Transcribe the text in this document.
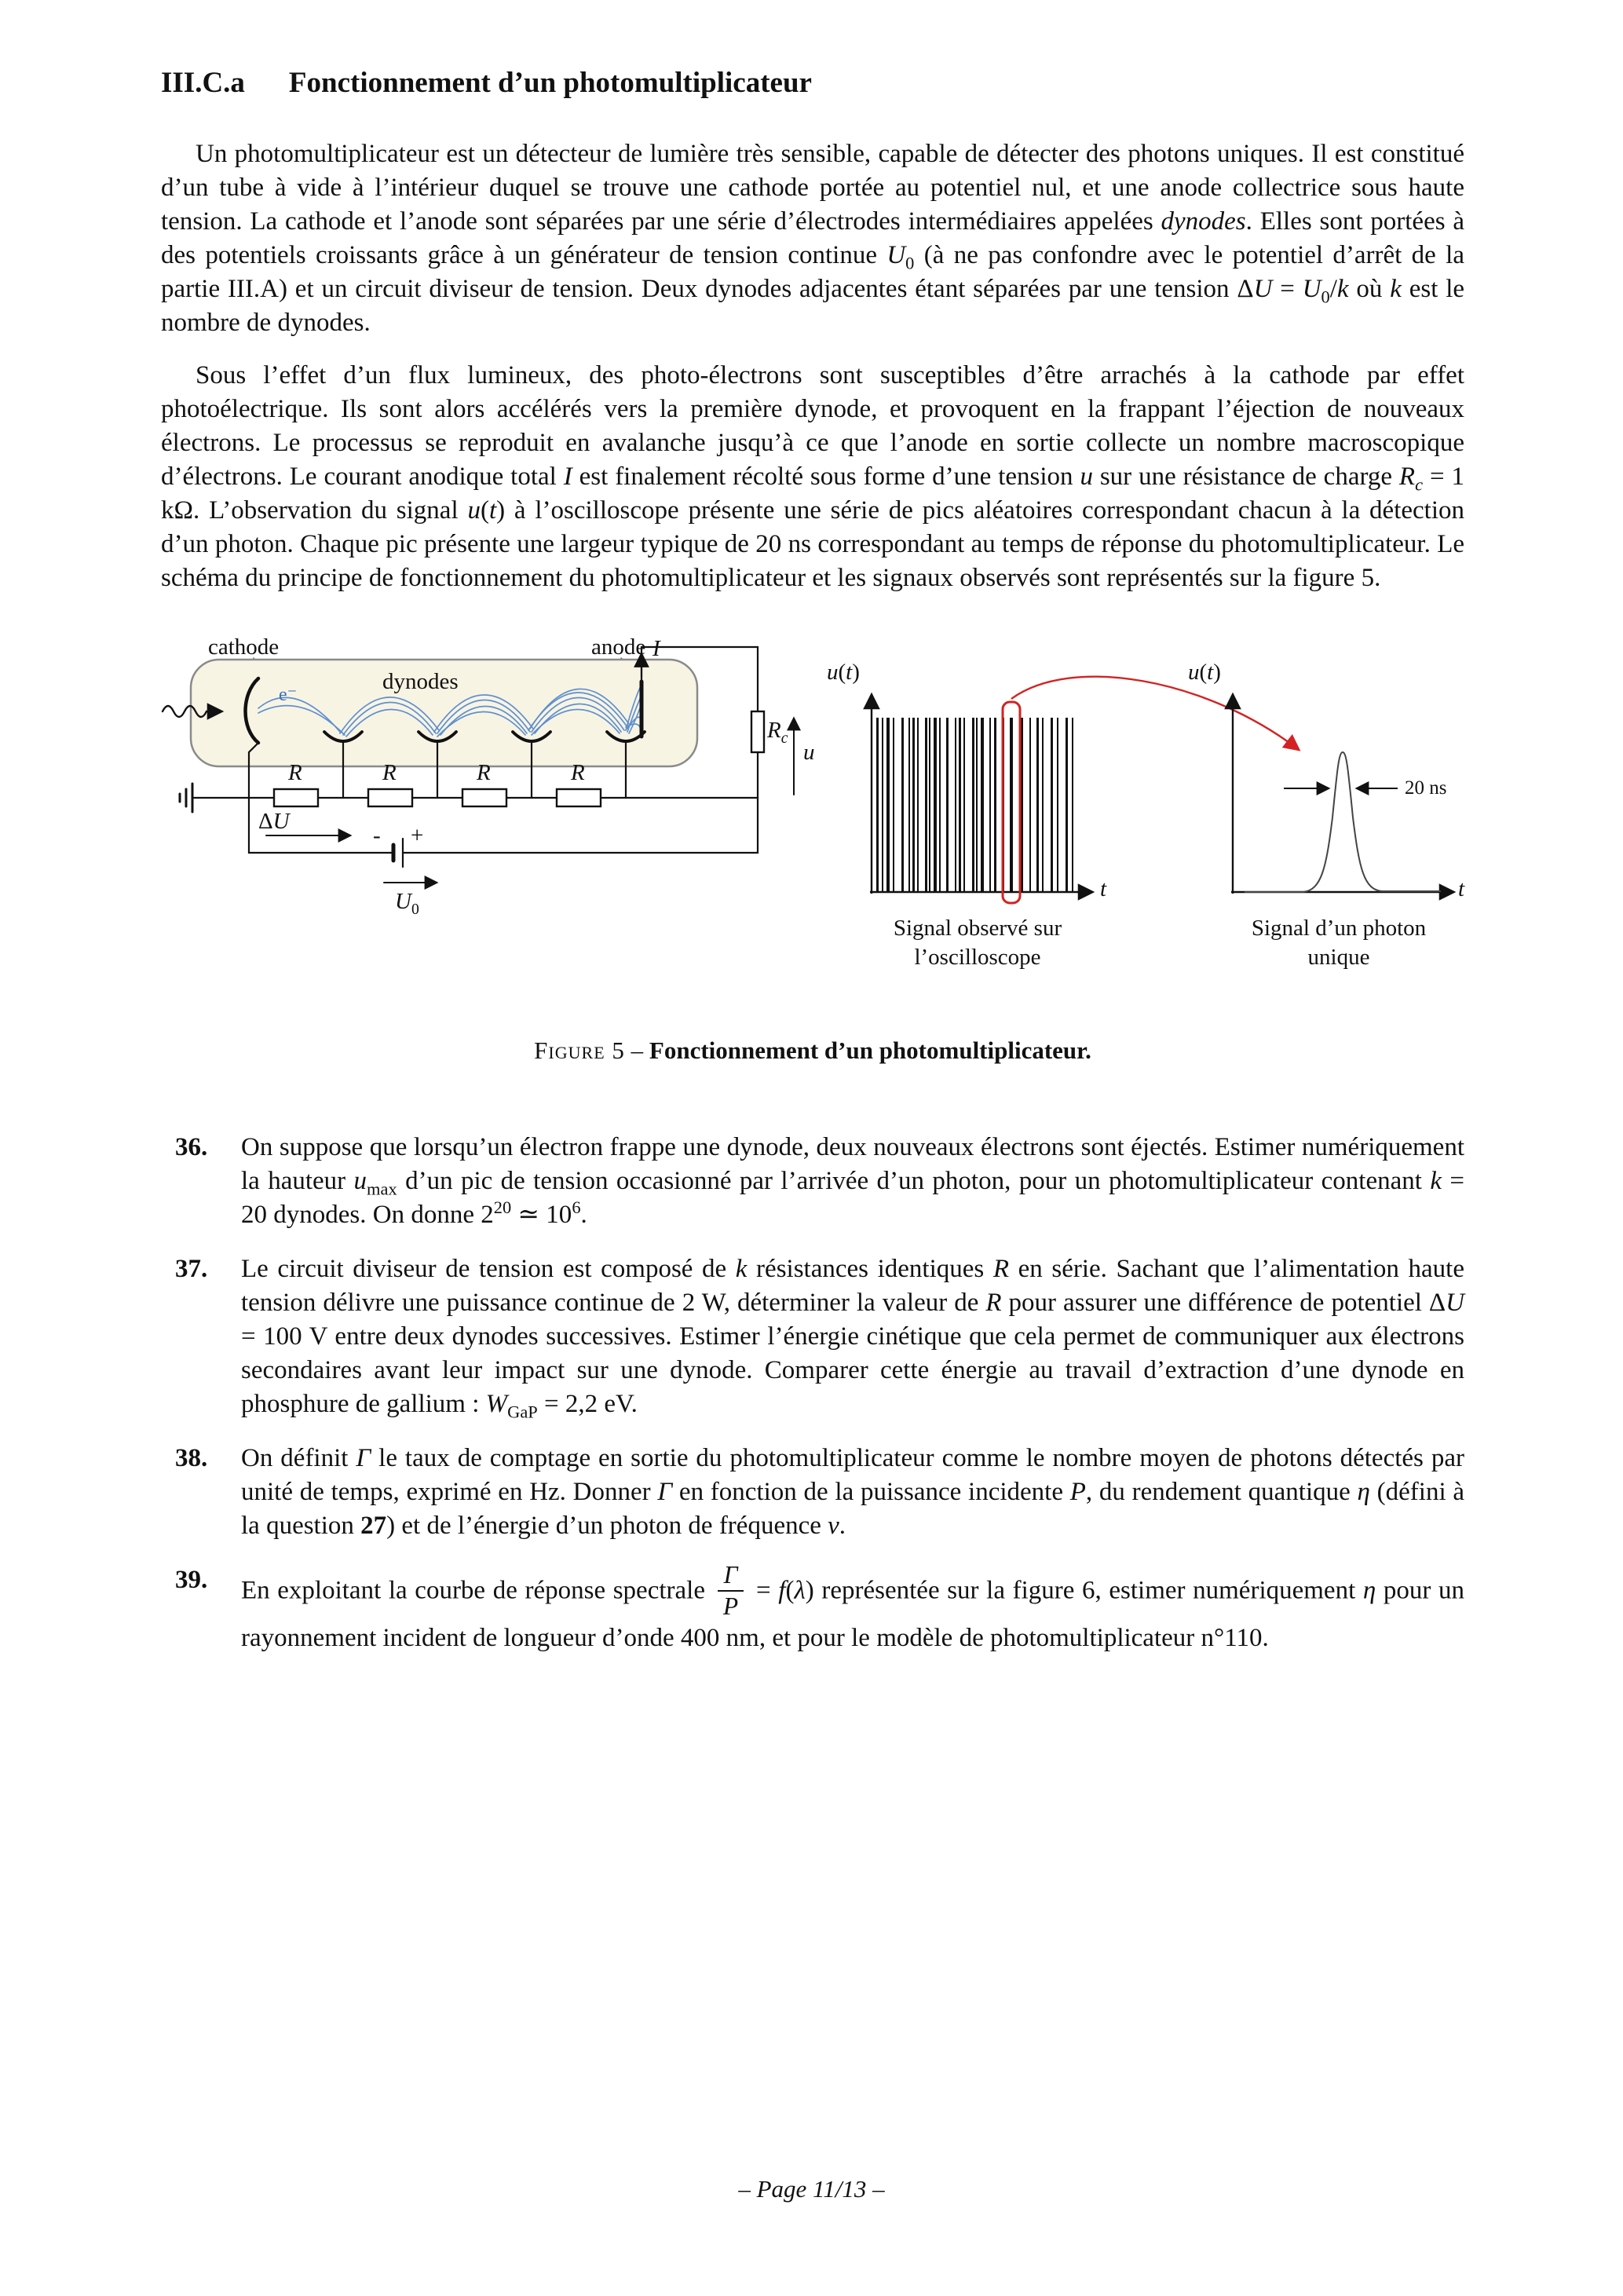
III.C.a Fonctionnement d’un photomultiplicateur

Un photomultiplicateur est un détecteur de lumière très sensible, capable de détecter des photons uniques. Il est constitué d’un tube à vide à l’intérieur duquel se trouve une cathode portée au potentiel nul, et une anode collectrice sous haute tension. La cathode et l’anode sont séparées par une série d’électrodes intermédiaires appelées dynodes. Elles sont portées à des potentiels croissants grâce à un générateur de tension continue $U_0$ (à ne pas confondre avec le potentiel d’arrêt de la partie III.A) et un circuit diviseur de tension. Deux dynodes adjacentes étant séparées par une tension $\Delta U = U_0/k$ où k est le nombre de dynodes.

Sous l’effet d’un flux lumineux, des photo-électrons sont susceptibles d’être arrachés à la cathode par effet photoélectrique. Ils sont alors accélérés vers la première dynode, et provoquent en la frappant l’éjection de nouveaux électrons. Le processus se reproduit en avalanche jusqu’à ce que l’anode en sortie collecte un nombre macroscopique d’électrons. Le courant anodique total I est finalement récolté sous forme d’une tension u sur une résistance de charge $R_c = 1$ kΩ. L’observation du signal u(t) à l’oscilloscope présente une série de pics aléatoires correspondant chacun à la détection d’un photon. Chaque pic présente une largeur typique de 20 ns correspondant au temps de réponse du photomultiplicateur. Le schéma du principe de fonctionnement du photomultiplicateur et les signaux observés sont représentés sur la figure 5.

cathode	anode
dynodes
e⁻
I
$R_c$
u
R	R	R	R
ΔU
- +
$U_0$
u(t)
t
u(t)
t
20 ns
Signal observé sur
l’oscilloscope
Signal d’un photon
unique
Figure 5 – Fonctionnement d’un photomultiplicateur.
36.	On suppose que lorsqu’un électron frappe une dynode, deux nouveaux électrons sont éjectés. Estimer numériquement la hauteur $u_{max}$ d’un pic de tension occasionné par l’arrivée d’un photon, pour un photomultiplicateur contenant k = 20 dynodes. On donne $2^{20}$ ≃ $10^6$.
37.	Le circuit diviseur de tension est composé de k résistances identiques R en série. Sachant que l’alimentation haute tension délivre une puissance continue de 2 W, déterminer la valeur de R pour assurer une différence de potentiel ΔU = 100 V entre deux dynodes successives. Estimer l’énergie cinétique que cela permet de communiquer aux électrons secondaires avant leur impact sur une dynode. Comparer cette énergie au travail d’extraction d’une dynode en phosphure de gallium : $W_{GaP} = 2,2$ eV.
38.	On définit Γ le taux de comptage en sortie du photomultiplicateur comme le nombre moyen de photons détectés par unité de temps, exprimé en Hz. Donner Γ en fonction de la puissance incidente P, du rendement quantique η (défini à la question 27) et de l’énergie d’un photon de fréquence ν.
39.	En exploitant la courbe de réponse spectrale $\frac{\Gamma}{P} = f(\lambda)$ représentée sur la figure 6, estimer numériquement η pour un rayonnement incident de longueur d’onde 400 nm, et pour le modèle de photomultiplicateur n°110.
– Page 11/13 –
